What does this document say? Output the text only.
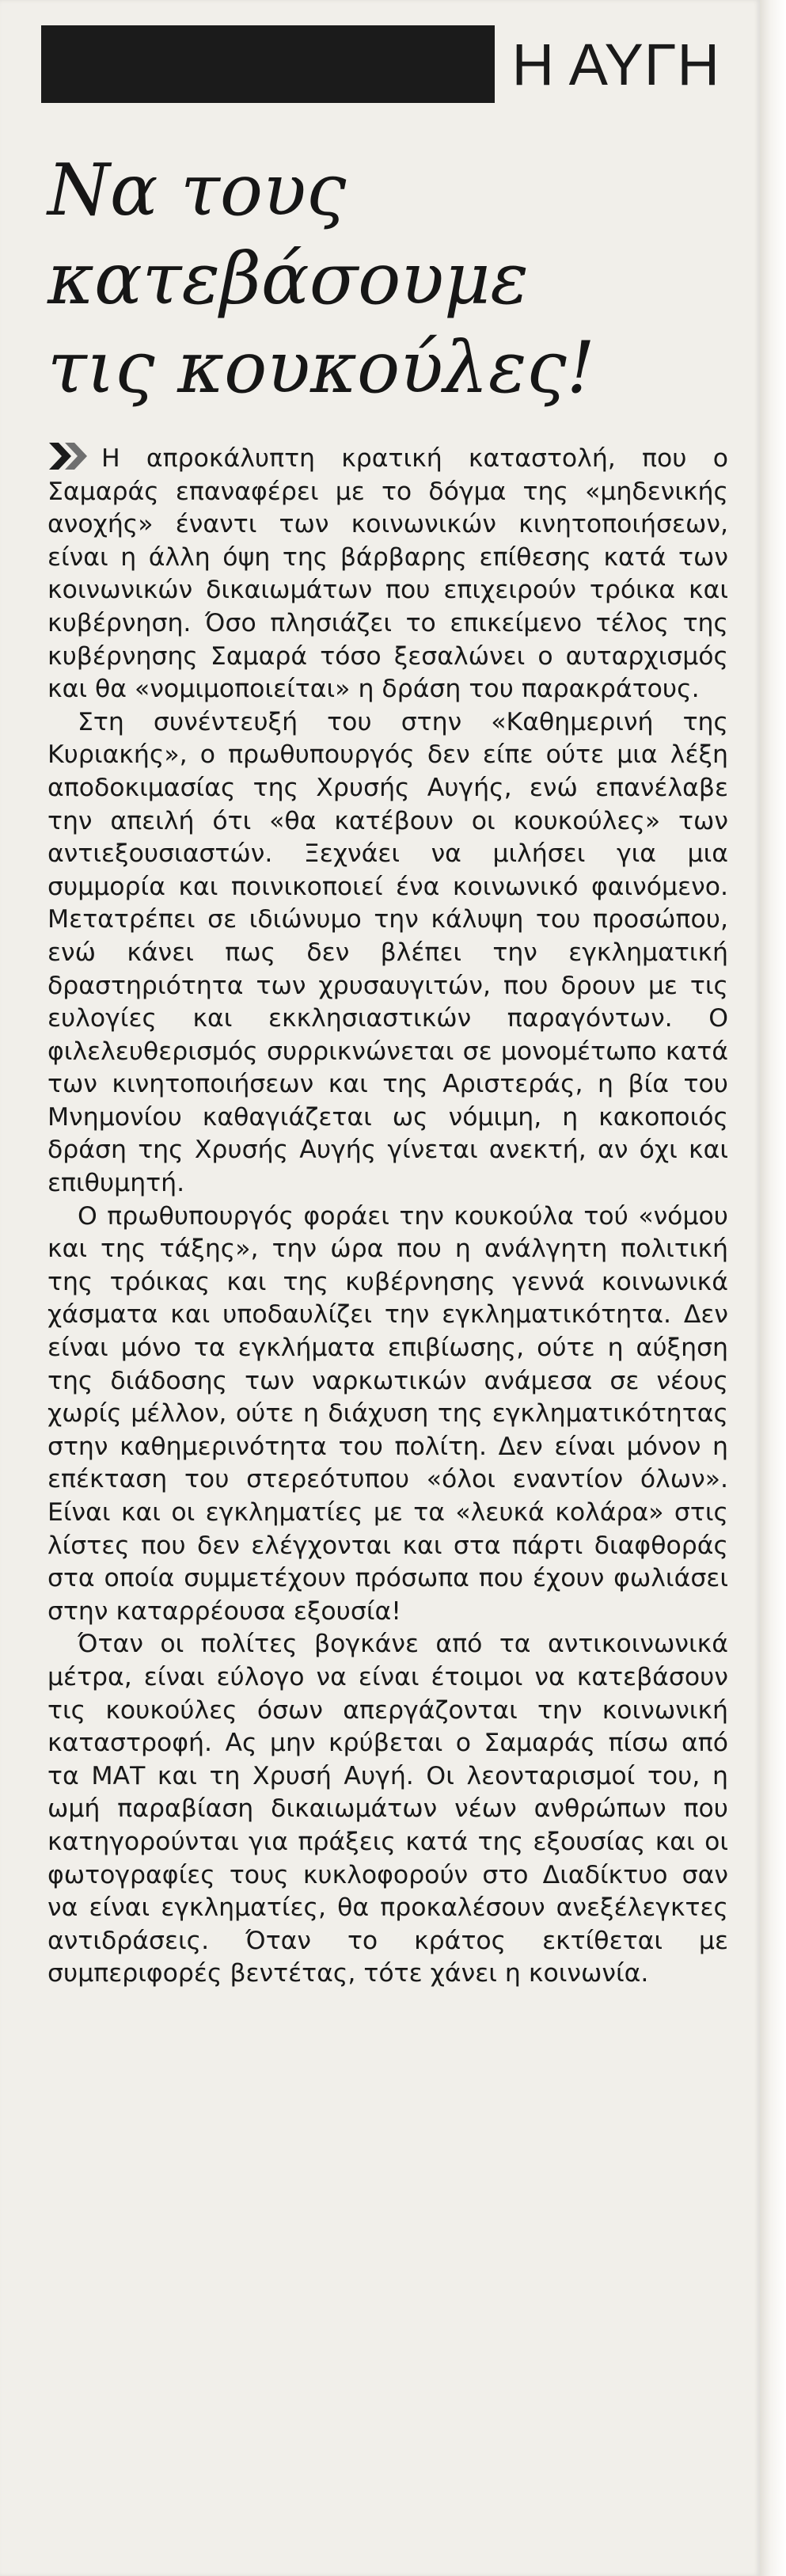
Η ΑΥΓΗ
Να τους
κατεβάσουμε
τις κουκούλες!

Η απροκάλυπτη κρατική καταστολή, που ο Σαμαράς επαναφέρει με το δόγμα της «μηδενικής ανοχής» έναντι των κοινωνικών κινητοποιήσεων, είναι η άλλη όψη της βάρβαρης επίθεσης κατά των κοινωνικών δικαιωμάτων που επιχειρούν τρόικα και κυβέρνηση. Όσο πλησιάζει το επικείμενο τέλος της κυβέρνησης Σαμαρά τόσο ξεσαλώνει ο αυταρχισμός και θα «νομιμοποιείται» η δράση του παρακράτους.

Στη συνέντευξή του στην «Καθημερινή της Κυριακής», ο πρωθυπουργός δεν είπε ούτε μια λέξη αποδοκιμασίας της Χρυσής Αυγής, ενώ επανέλαβε την απειλή ότι «θα κατέβουν οι κουκούλες» των αντιεξουσιαστών. Ξεχνάει να μιλήσει για μια συμμορία και ποινικοποιεί ένα κοινωνικό φαινόμενο. Μετατρέπει σε ιδιώνυμο την κάλυψη του προσώπου, ενώ κάνει πως δεν βλέπει την εγκληματική δραστηριότητα των χρυσαυγιτών, που δρουν με τις ευλογίες και εκκλησιαστικών παραγόντων. Ο φιλελευθερισμός συρρικνώνεται σε μονομέτωπο κατά των κινητοποιήσεων και της Αριστεράς, η βία του Μνημονίου καθαγιάζεται ως νόμιμη, η κακοποιός δράση της Χρυσής Αυγής γίνεται ανεκτή, αν όχι και επιθυμητή.

Ο πρωθυπουργός φοράει την κουκούλα τού «νόμου και της τάξης», την ώρα που η ανάλγητη πολιτική της τρόικας και της κυβέρνησης γεννά κοινωνικά χάσματα και υποδαυλίζει την εγκληματικότητα. Δεν είναι μόνο τα εγκλήματα επιβίωσης, ούτε η αύξηση της διάδοσης των ναρκωτικών ανάμεσα σε νέους χωρίς μέλλον, ούτε η διάχυση της εγκληματικότητας στην καθημερινότητα του πολίτη. Δεν είναι μόνον η επέκταση του στερεότυπου «όλοι εναντίον όλων». Είναι και οι εγκληματίες με τα «λευκά κολάρα» στις λίστες που δεν ελέγχονται και στα πάρτι διαφθοράς στα οποία συμμετέχουν πρόσωπα που έχουν φωλιάσει στην καταρρέουσα εξουσία!

Όταν οι πολίτες βογκάνε από τα αντικοινωνικά μέτρα, είναι εύλογο να είναι έτοιμοι να κατεβάσουν τις κουκούλες όσων απεργάζονται την κοινωνική καταστροφή. Ας μην κρύβεται ο Σαμαράς πίσω από τα ΜΑΤ και τη Χρυσή Αυγή. Οι λεονταρισμοί του, η ωμή παραβίαση δικαιωμάτων νέων ανθρώπων που κατηγορούνται για πράξεις κατά της εξουσίας και οι φωτογραφίες τους κυκλοφορούν στο Διαδίκτυο σαν να είναι εγκληματίες, θα προκαλέσουν ανεξέλεγκτες αντιδράσεις. Όταν το κράτος εκτίθεται με συμπεριφορές βεντέτας, τότε χάνει η κοινωνία.
